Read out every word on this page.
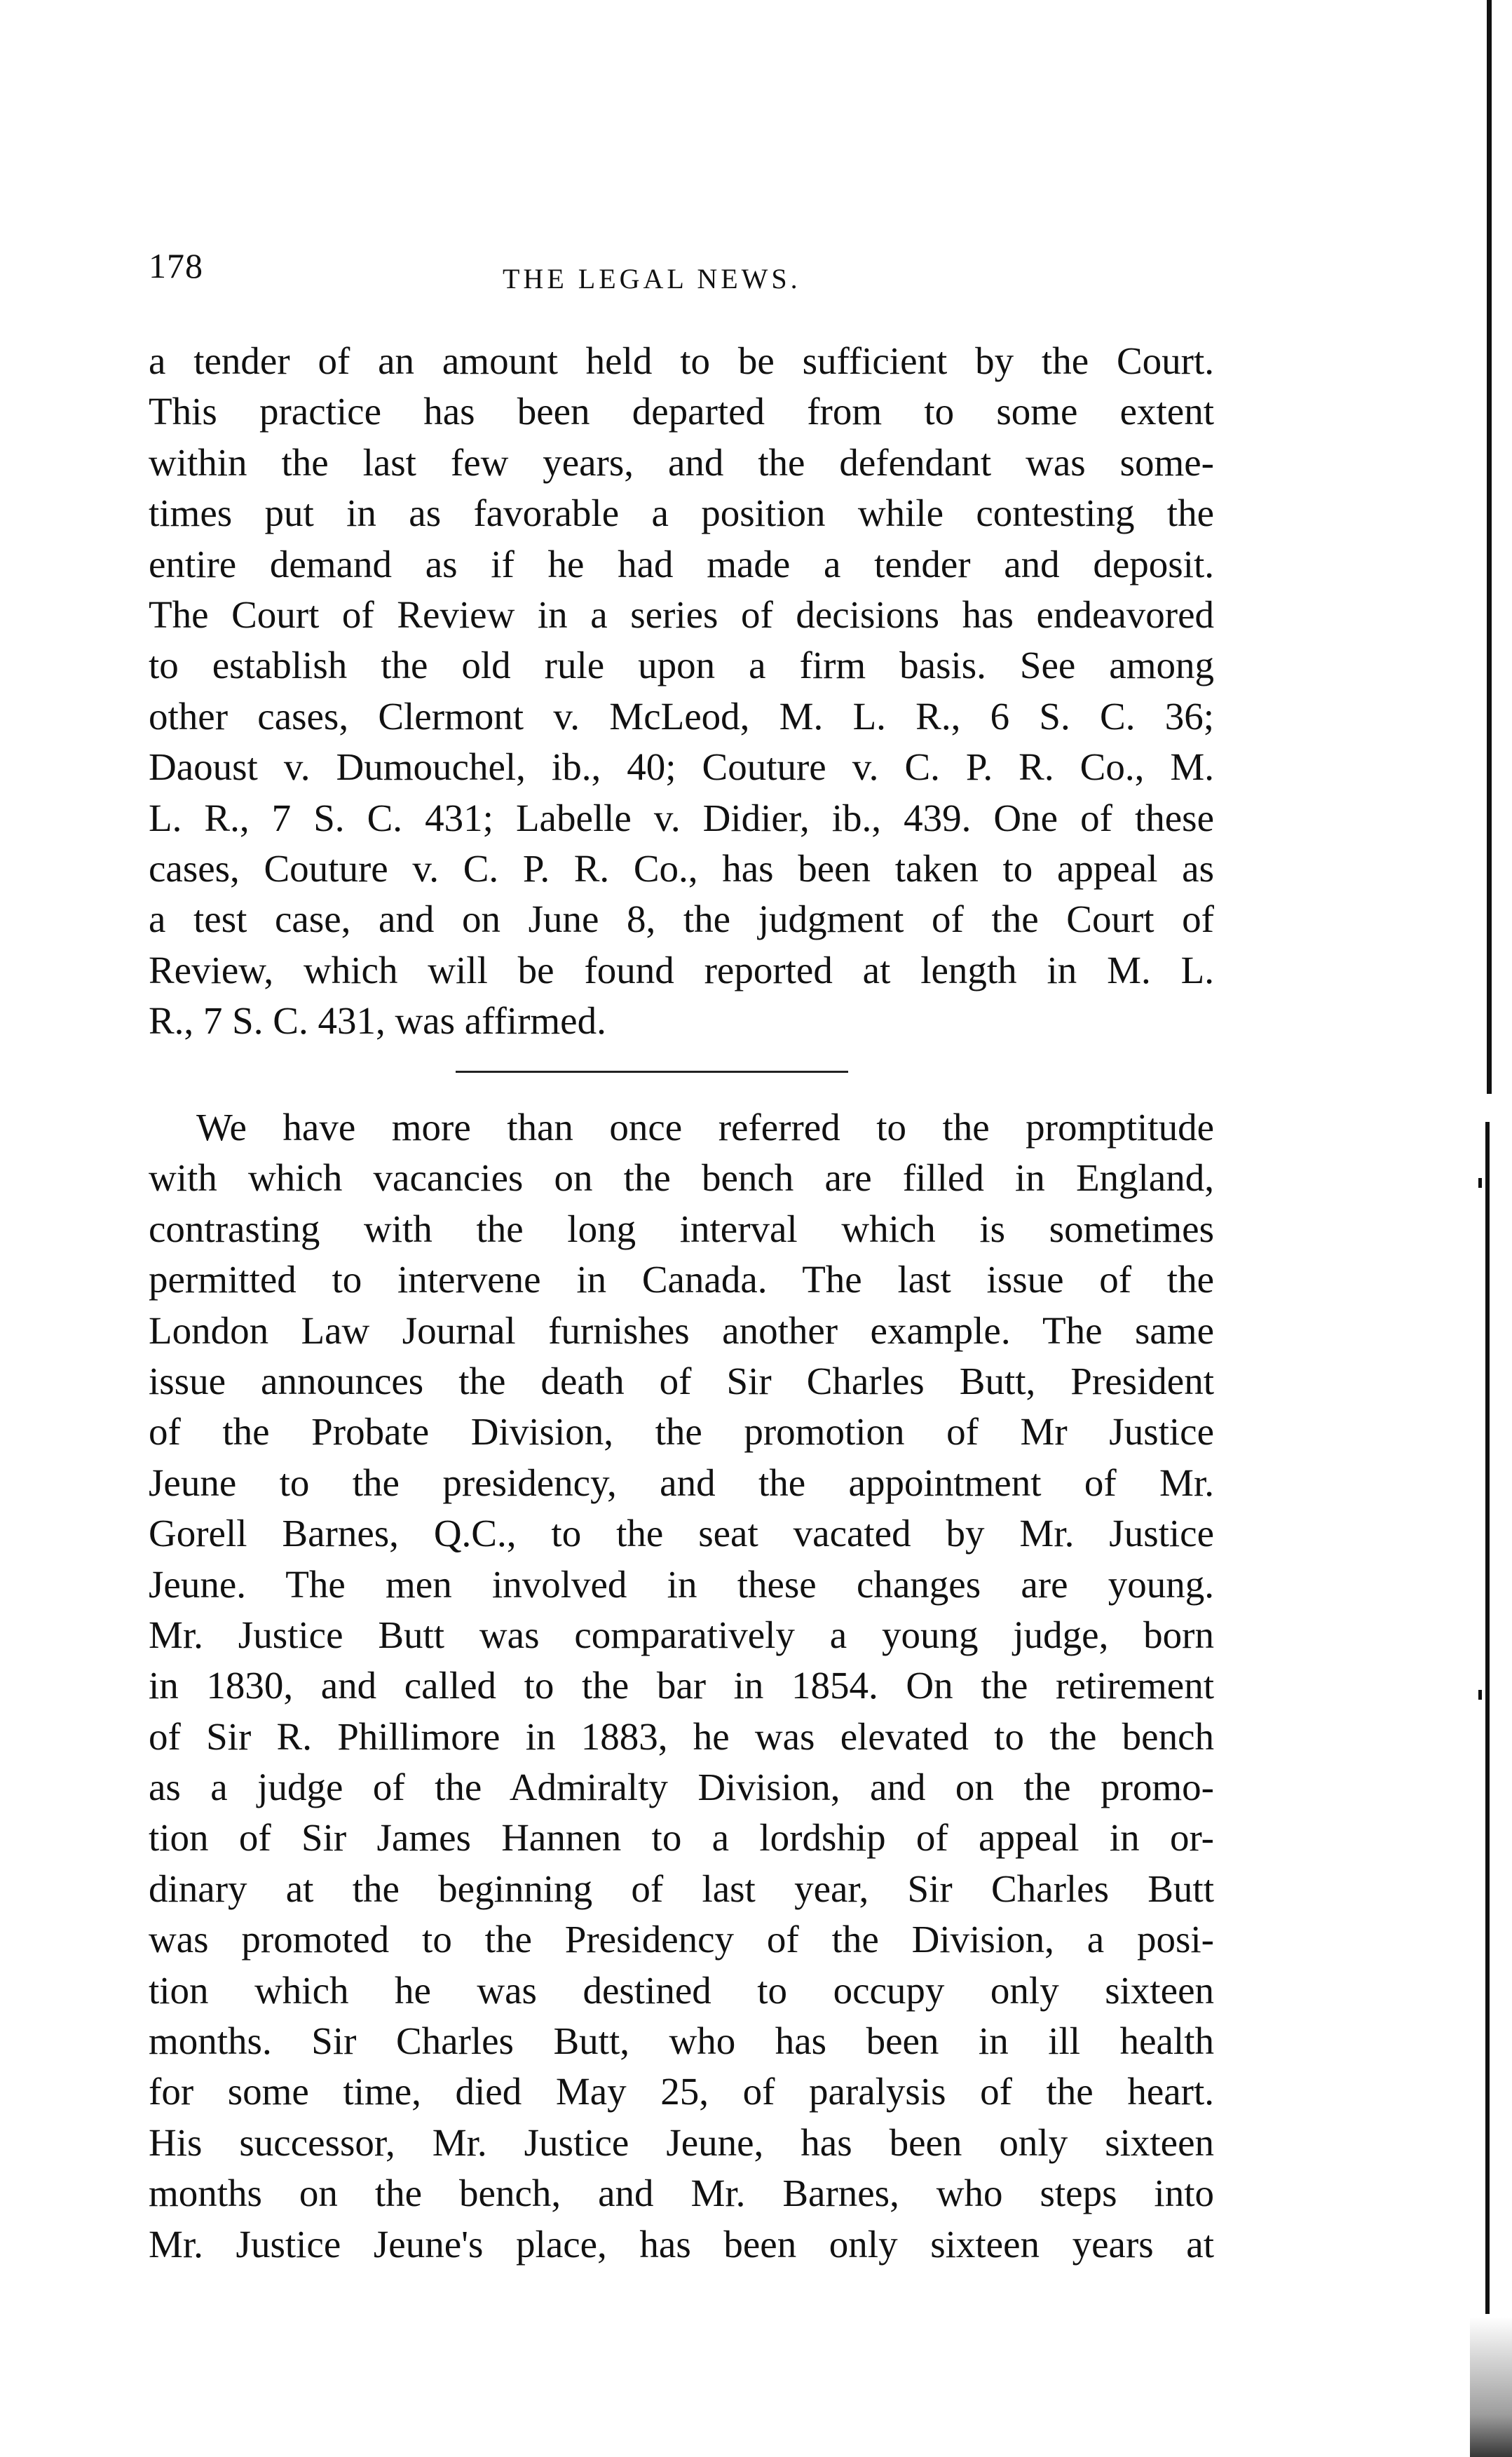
178	THE LEGAL NEWS.
a tender of an amount held to be sufficient by the Court.
This practice has been departed from to some extent
within the last few years, and the defendant was some-
times put in as favorable a position while contesting the
entire demand as if he had made a tender and deposit.
The Court of Review in a series of decisions has endeavored
to establish the old rule upon a firm basis. See among
other cases, Clermont v. McLeod, M. L. R., 6 S. C. 36;
Daoust v. Dumouchel, ib., 40; Couture v. C. P. R. Co., M.
L. R., 7 S. C. 431; Labelle v. Didier, ib., 439. One of these
cases, Couture v. C. P. R. Co., has been taken to appeal as
a test case, and on June 8, the judgment of the Court of
Review, which will be found reported at length in M. L.
R., 7 S. C. 431, was affirmed.
We have more than once referred to the promptitude
with which vacancies on the bench are filled in England,
contrasting with the long interval which is sometimes
permitted to intervene in Canada. The last issue of the
London Law Journal furnishes another example. The same
issue announces the death of Sir Charles Butt, President
of the Probate Division, the promotion of Mr Justice
Jeune to the presidency, and the appointment of Mr.
Gorell Barnes, Q.C., to the seat vacated by Mr. Justice
Jeune. The men involved in these changes are young.
Mr. Justice Butt was comparatively a young judge, born
in 1830, and called to the bar in 1854. On the retirement
of Sir R. Phillimore in 1883, he was elevated to the bench
as a judge of the Admiralty Division, and on the promo-
tion of Sir James Hannen to a lordship of appeal in or-
dinary at the beginning of last year, Sir Charles Butt
was promoted to the Presidency of the Division, a posi-
tion which he was destined to occupy only sixteen
months. Sir Charles Butt, who has been in ill health
for some time, died May 25, of paralysis of the heart.
His successor, Mr. Justice Jeune, has been only sixteen
months on the bench, and Mr. Barnes, who steps into
Mr. Justice Jeune's place, has been only sixteen years at
